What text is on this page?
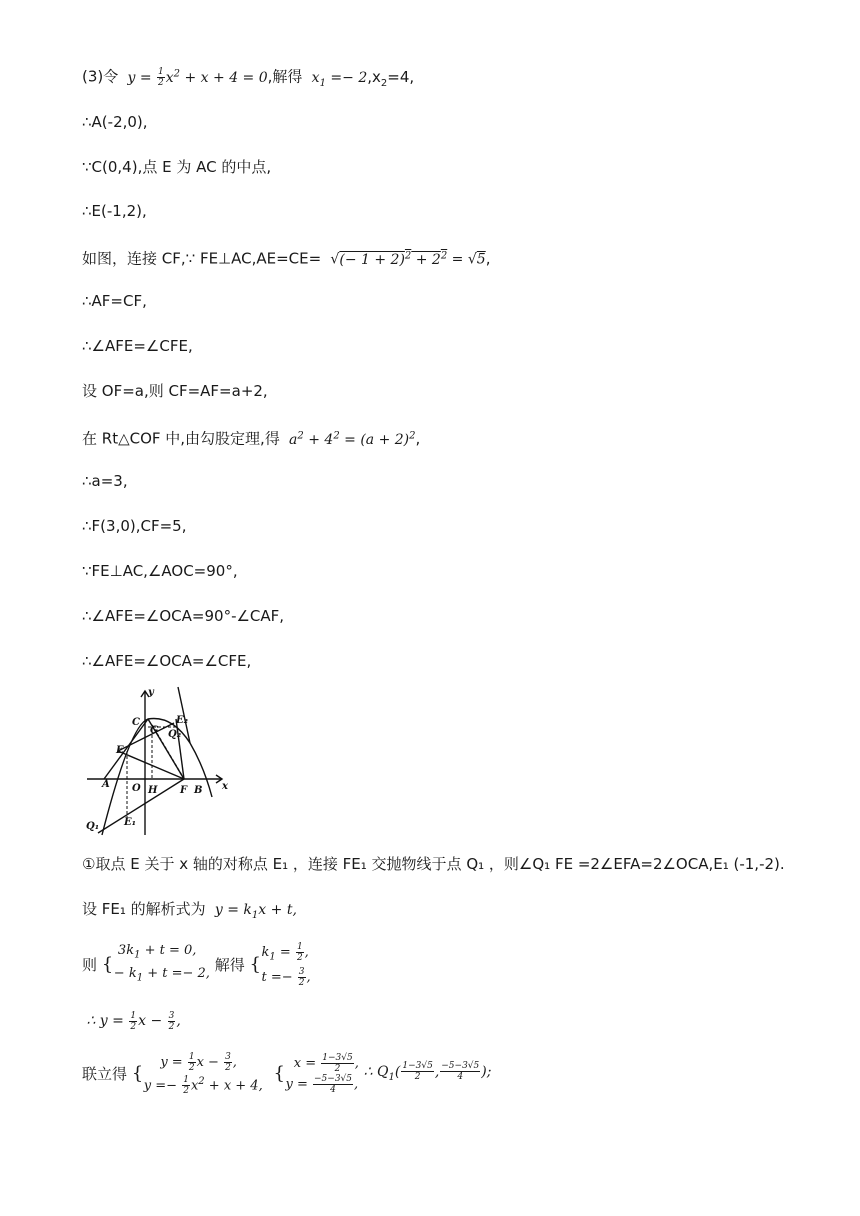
(3)令  $y = \frac{1}{2} x^2 + x + 4 = 0$,解得  $x_1 =- 2,x_2=4$,
∴A(-2,0),
∵C(0,4),点 E 为 AC 的中点,
∴E(-1,2),
如图，连接 CF,∵ FE⊥AC,AE=CE=  √(− $1 + 2)^2 + 2^2 = √5$,
∴AF=CF,
∴∠AFE=∠CFE,
设 OF=a,则 CF=AF=a+2,
在 Rt△COF 中,由勾股定理,得  $a^2 + 4^2 = (a + 2)^2$,
∴a=3,
∴F(3,0),CF=5,
∵FE⊥AC,∠AOC=90°,
∴∠AFE=∠OCA=90°-∠CAF,
∴∠AFE=∠OCA=∠CFE,
y
x
C
G
E₂
Q₂
E
A O H F B
Q₁ E₁
①取点 E 关于 x 轴的对称点 E₁ ，连接 FE₁ 交抛物线于点 Q₁ ，则∠Q₁ FE =2∠EFA=2∠OCA,E₁ (-1,-2).
设 FE₁ 的解析式为  $y = k_1x + t$,
则 {
$3k_1 + t = 0$,
− $k_1 + t =- 2$, 解得 {
$k_1 = \frac{1}{2}$ ,
$t =- \frac{3}{2}$ ,
∴ $y = \frac{1}{2}$ $x - \frac{3}{2}$ ,
联立得 {
$y = \frac{1}{2}$ $x - \frac{3}{2}$ ,
$y =- \frac{1}{2} x^2 + x + 4$,

{ $x = \frac{1-3√5}{2}$ ,
$y = \frac{-5-3√5}{4}$ ,
∴ $Q_1( \frac{1-3√5}{2}$ , $\frac{-5-3√5}{4}$ );
